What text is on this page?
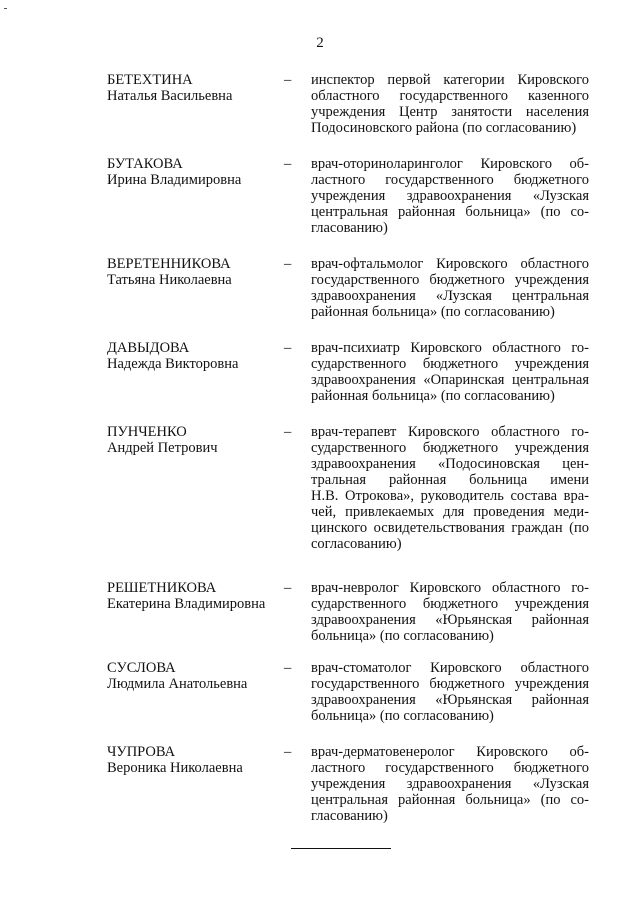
2
БЕТЕХТИНА
Наталья Васильевна
– инспектор первой категории Кировского
областного государственного казенного
учреждения Центр занятости населения
Подосиновского района (по согласованию)
БУТАКОВА
Ирина Владимировна
– врач-оториноларинголог Кировского об-
ластного государственного бюджетного
учреждения здравоохранения «Лузская
центральная районная больница» (по со-
гласованию)
ВЕРЕТЕННИКОВА
Татьяна Николаевна
– врач-офтальмолог Кировского областного
государственного бюджетного учреждения
здравоохранения «Лузская центральная
районная больница» (по согласованию)
ДАВЫДОВА
Надежда Викторовна
– врач-психиатр Кировского областного го-
сударственного бюджетного учреждения
здравоохранения «Опаринская центральная
районная больница» (по согласованию)
ПУНЧЕНКО
Андрей Петрович
– врач-терапевт Кировского областного го-
сударственного бюджетного учреждения
здравоохранения «Подосиновская цен-
тральная районная больница имени
Н.В. Отрокова», руководитель состава вра-
чей, привлекаемых для проведения меди-
цинского освидетельствования граждан (по
согласованию)
РЕШЕТНИКОВА
Екатерина Владимировна
– врач-невролог Кировского областного го-
сударственного бюджетного учреждения
здравоохранения «Юрьянская районная
больница» (по согласованию)
СУСЛОВА
Людмила Анатольевна
– врач-стоматолог Кировского областного
государственного бюджетного учреждения
здравоохранения «Юрьянская районная
больница» (по согласованию)
ЧУПРОВА
Вероника Николаевна
– врач-дерматовенеролог Кировского об-
ластного государственного бюджетного
учреждения здравоохранения «Лузская
центральная районная больница» (по со-
гласованию)
